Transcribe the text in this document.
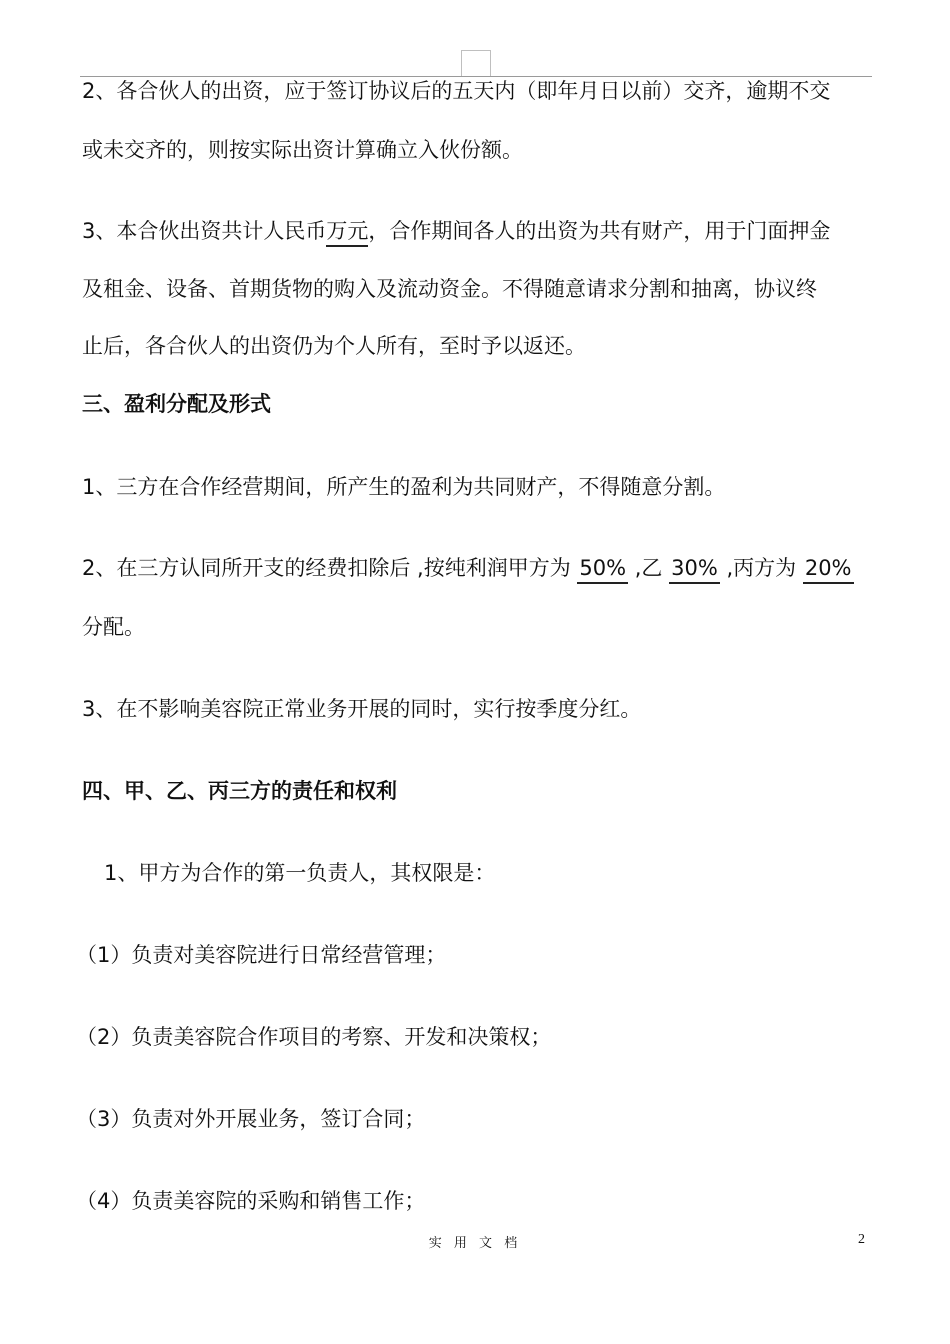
2、各合伙人的出资，应于签订协议后的五天内（即年月日以前）交齐，逾期不交

或未交齐的，则按实际出资计算确立入伙份额。

3、本合伙出资共计人民币万元，合作期间各人的出资为共有财产，用于门面押金

及租金、设备、首期货物的购入及流动资金。不得随意请求分割和抽离，协议终

止后，各合伙人的出资仍为个人所有，至时予以返还。

三、盈利分配及形式

1、三方在合作经营期间，所产生的盈利为共同财产，不得随意分割。

2、在三方认同所开支的经费扣除后 ,按纯利润甲方为 50% ,乙 30% ,丙方为 20%

分配。

3、在不影响美容院正常业务开展的同时，实行按季度分红。

四、甲、乙、丙三方的责任和权利

1、甲方为合作的第一负责人，其权限是：

（1）负责对美容院进行日常经营管理；

（2）负责美容院合作项目的考察、开发和决策权；

（3）负责对外开展业务，签订合同；

（4）负责美容院的采购和销售工作；

实 用 文 档	2
